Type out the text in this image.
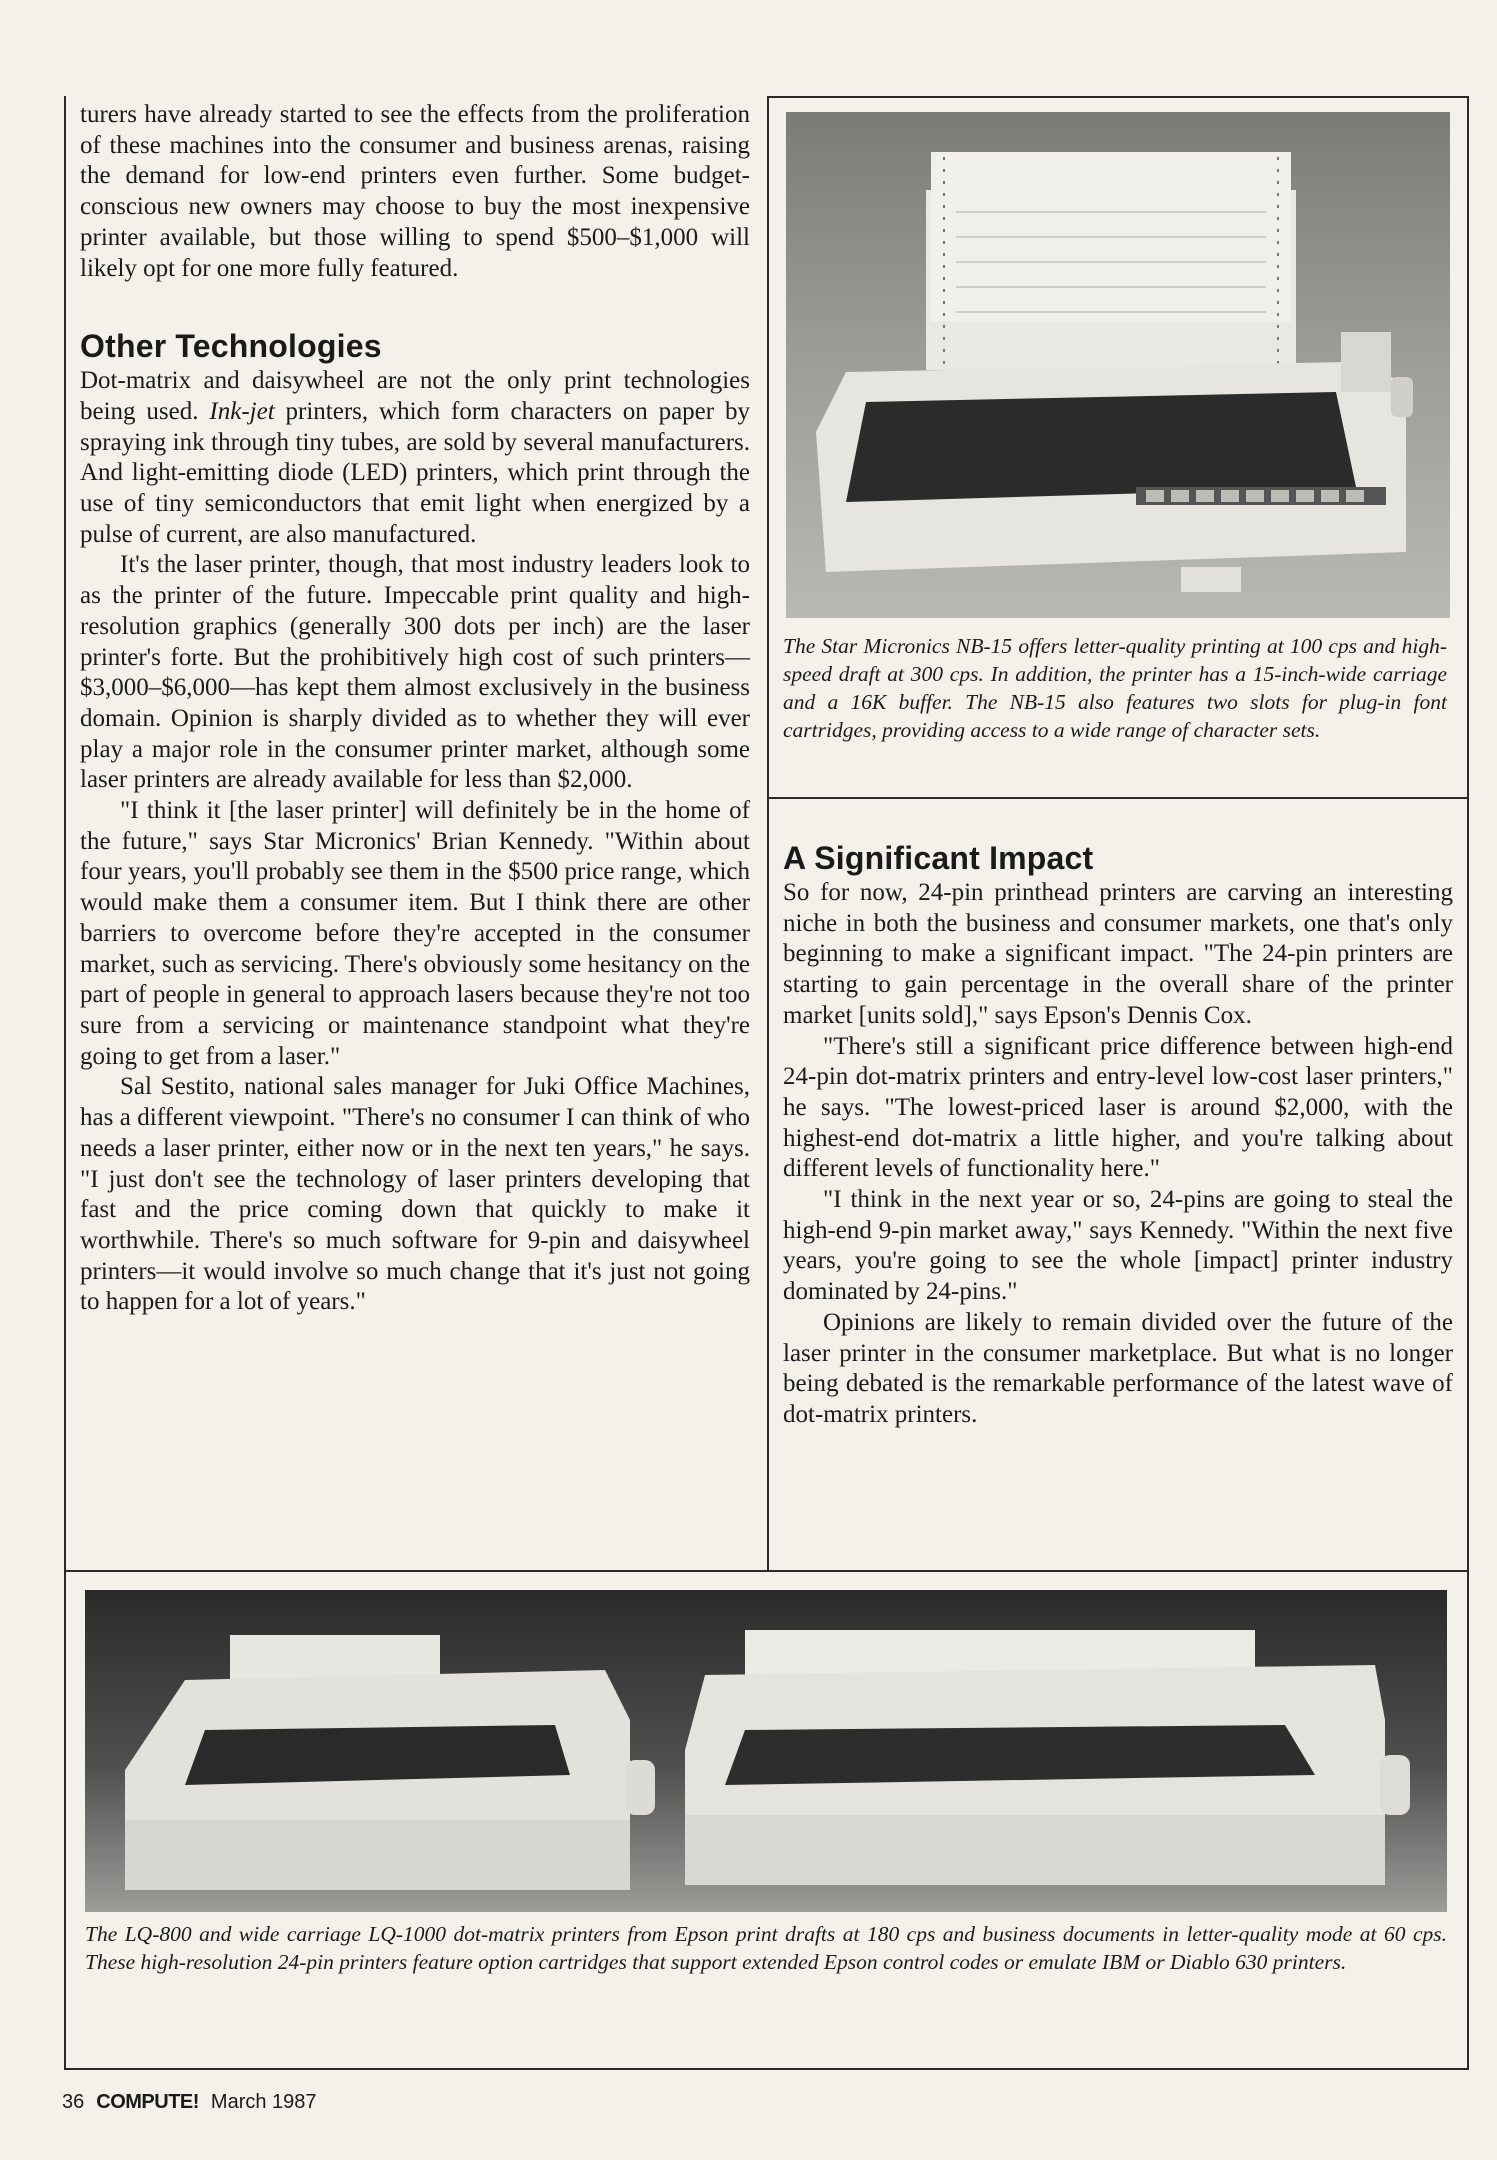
turers have already started to see the effects from the proliferation of these machines into the consumer and business arenas, raising the demand for low-end printers even further. Some budget-conscious new owners may choose to buy the most inexpensive printer available, but those willing to spend $500–$1,000 will likely opt for one more fully featured.

Other Technologies

Dot-matrix and daisywheel are not the only print technologies being used. Ink-jet printers, which form characters on paper by spraying ink through tiny tubes, are sold by several manufacturers. And light-emitting diode (LED) printers, which print through the use of tiny semiconductors that emit light when energized by a pulse of current, are also manufactured.

It's the laser printer, though, that most industry leaders look to as the printer of the future. Impeccable print quality and high-resolution graphics (generally 300 dots per inch) are the laser printer's forte. But the prohibitively high cost of such printers—$3,000–$6,000—has kept them almost exclusively in the business domain. Opinion is sharply divided as to whether they will ever play a major role in the consumer printer market, although some laser printers are already available for less than $2,000.

"I think it [the laser printer] will definitely be in the home of the future," says Star Micronics' Brian Kennedy. "Within about four years, you'll probably see them in the $500 price range, which would make them a consumer item. But I think there are other barriers to overcome before they're accepted in the consumer market, such as servicing. There's obviously some hesitancy on the part of people in general to approach lasers because they're not too sure from a servicing or maintenance standpoint what they're going to get from a laser."

Sal Sestito, national sales manager for Juki Office Machines, has a different viewpoint. "There's no consumer I can think of who needs a laser printer, either now or in the next ten years," he says. "I just don't see the technology of laser printers developing that fast and the price coming down that quickly to make it worthwhile. There's so much software for 9-pin and daisywheel printers—it would involve so much change that it's just not going to happen for a lot of years."

The Star Micronics NB-15 offers letter-quality printing at 100 cps and high-speed draft at 300 cps. In addition, the printer has a 15-inch-wide carriage and a 16K buffer. The NB-15 also features two slots for plug-in font cartridges, providing access to a wide range of character sets.
A Significant Impact

So for now, 24-pin printhead printers are carving an interesting niche in both the business and consumer markets, one that's only beginning to make a significant impact. "The 24-pin printers are starting to gain percentage in the overall share of the printer market [units sold]," says Epson's Dennis Cox.

"There's still a significant price difference between high-end 24-pin dot-matrix printers and entry-level low-cost laser printers," he says. "The lowest-priced laser is around $2,000, with the highest-end dot-matrix a little higher, and you're talking about different levels of functionality here."

"I think in the next year or so, 24-pins are going to steal the high-end 9-pin market away," says Kennedy. "Within the next five years, you're going to see the whole [impact] printer industry dominated by 24-pins."

Opinions are likely to remain divided over the future of the laser printer in the consumer marketplace. But what is no longer being debated is the remarkable performance of the latest wave of dot-matrix printers.

The LQ-800 and wide carriage LQ-1000 dot-matrix printers from Epson print drafts at 180 cps and business documents in letter-quality mode at 60 cps. These high-resolution 24-pin printers feature option cartridges that support extended Epson control codes or emulate IBM or Diablo 630 printers.
36 COMPUTE! March 1987
